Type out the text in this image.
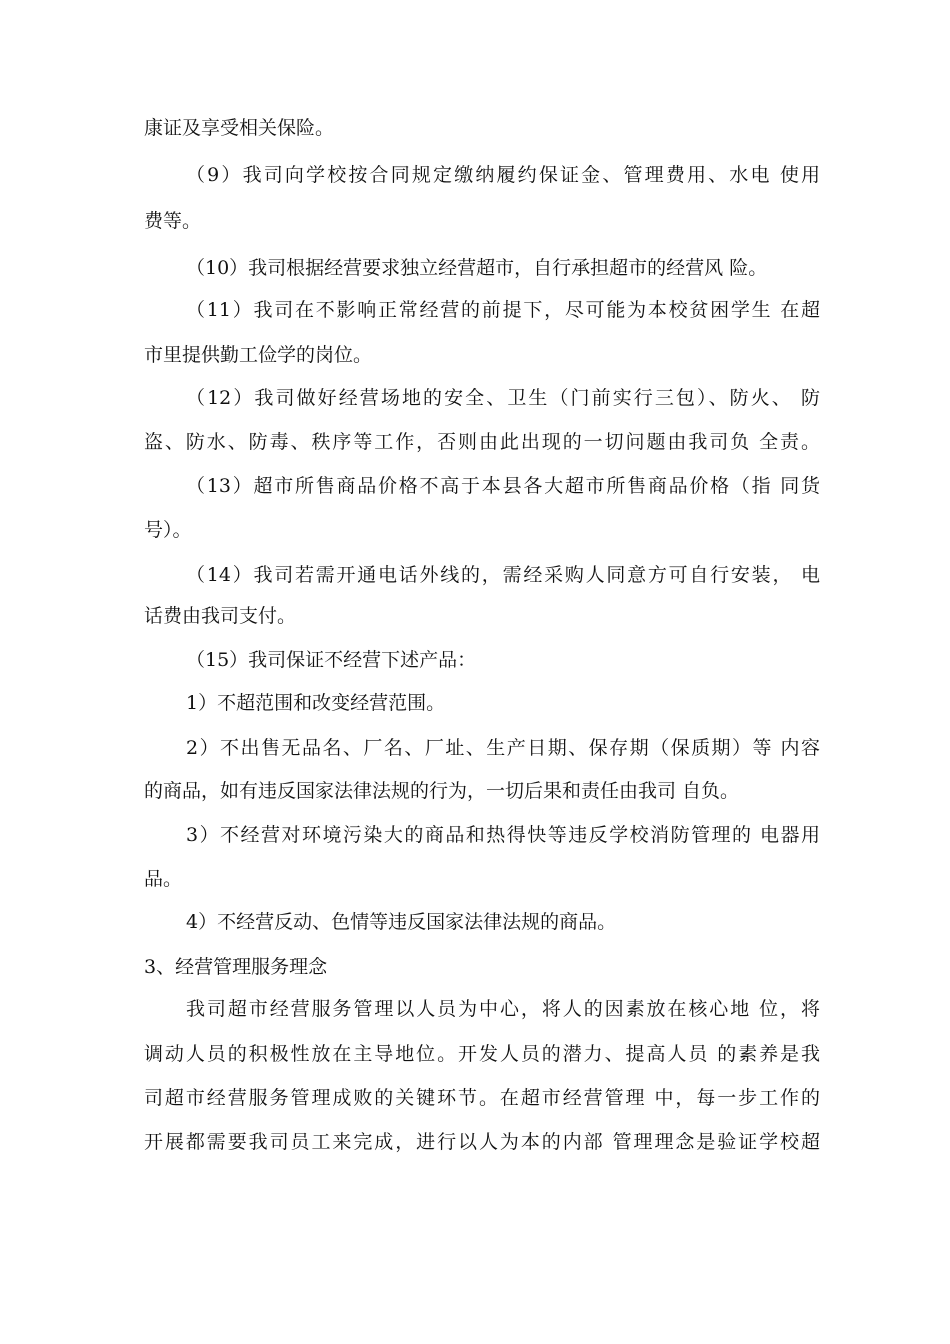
康证及享受相关保险。
（9）我司向学校按合同规定缴纳履约保证金、管理费用、水电 使用
费等。
（10）我司根据经营要求独立经营超市，自行承担超市的经营风 险。
（11）我司在不影响正常经营的前提下，尽可能为本校贫困学生 在超
市里提供勤工俭学的岗位。
（12）我司做好经营场地的安全、卫生（门前实行三包）、防火、 防
盗、防水、防毒、秩序等工作，否则由此出现的一切问题由我司负 全责。
（13）超市所售商品价格不高于本县各大超市所售商品价格（指 同货
号）。
（14）我司若需开通电话外线的，需经采购人同意方可自行安装， 电
话费由我司支付。
（15）我司保证不经营下述产品：
1）不超范围和改变经营范围。
2）不出售无品名、厂名、厂址、生产日期、保存期（保质期）等 内容
的商品，如有违反国家法律法规的行为，一切后果和责任由我司 自负。
3）不经营对环境污染大的商品和热得快等违反学校消防管理的 电器用
品。
4）不经营反动、色情等违反国家法律法规的商品。
3、经营管理服务理念
我司超市经营服务管理以人员为中心，将人的因素放在核心地 位，将
调动人员的积极性放在主导地位。开发人员的潜力、提高人员 的素养是我
司超市经营服务管理成败的关键环节。在超市经营管理 中，每一步工作的
开展都需要我司员工来完成，进行以人为本的内部 管理理念是验证学校超
